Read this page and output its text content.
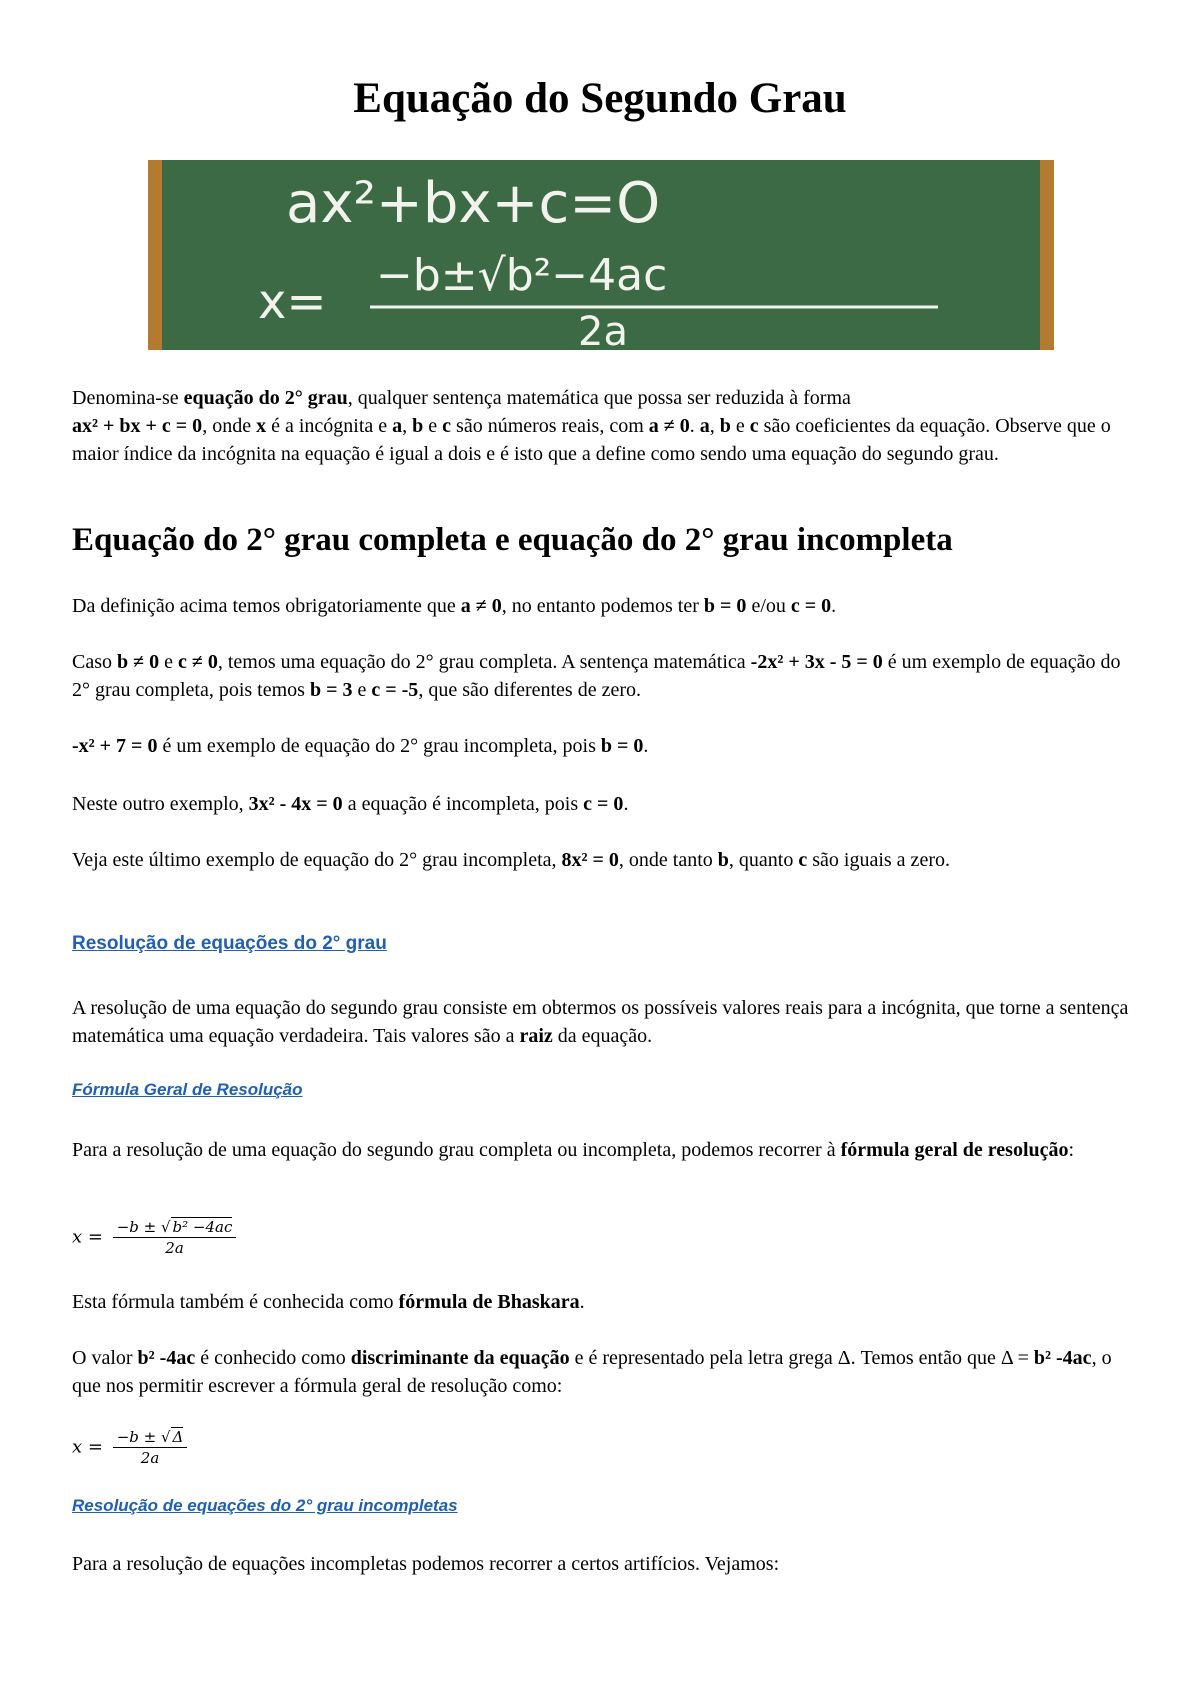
Equação do Segundo Grau
ax²+bx+c=O
x= −b±√b²−4ac
2a

Denomina-se equação do 2° grau, qualquer sentença matemática que possa ser reduzida à forma
ax² + bx + c = 0, onde x é a incógnita e a, b e c são números reais, com a ≠ 0. a, b e c são coeficientes da equação. Observe que o maior índice da incógnita na equação é igual a dois e é isto que a define como sendo uma equação do segundo grau.

Equação do 2° grau completa e equação do 2° grau incompleta

Da definição acima temos obrigatoriamente que a ≠ 0, no entanto podemos ter b = 0 e/ou c = 0.

Caso b ≠ 0 e c ≠ 0, temos uma equação do 2° grau completa. A sentença matemática -2x² + 3x - 5 = 0 é um exemplo de equação do 2° grau completa, pois temos b = 3 e c = -5, que são diferentes de zero.

-x² + 7 = 0 é um exemplo de equação do 2° grau incompleta, pois b = 0.

Neste outro exemplo, 3x² - 4x = 0 a equação é incompleta, pois c = 0.

Veja este último exemplo de equação do 2° grau incompleta, 8x² = 0, onde tanto b, quanto c são iguais a zero.

Resolução de equações do 2° grau

A resolução de uma equação do segundo grau consiste em obtermos os possíveis valores reais para a incógnita, que torne a sentença matemática uma equação verdadeira. Tais valores são a raiz da equação.

Fórmula Geral de Resolução

Para a resolução de uma equação do segundo grau completa ou incompleta, podemos recorrer à fórmula geral de resolução:

$x = \frac{\text{−b ± √ b² −4ac}}{2a}$

Esta fórmula também é conhecida como fórmula de Bhaskara.

O valor b² -4ac é conhecido como discriminante da equação e é representado pela letra grega Δ. Temos então que Δ = b² -4ac, o que nos permitir escrever a fórmula geral de resolução como:

$x = \frac{-b \pm √ \Delta}{2a}$
Resolução de equações do 2° grau incompletas

Para a resolução de equações incompletas podemos recorrer a certos artifícios. Vejamos:
